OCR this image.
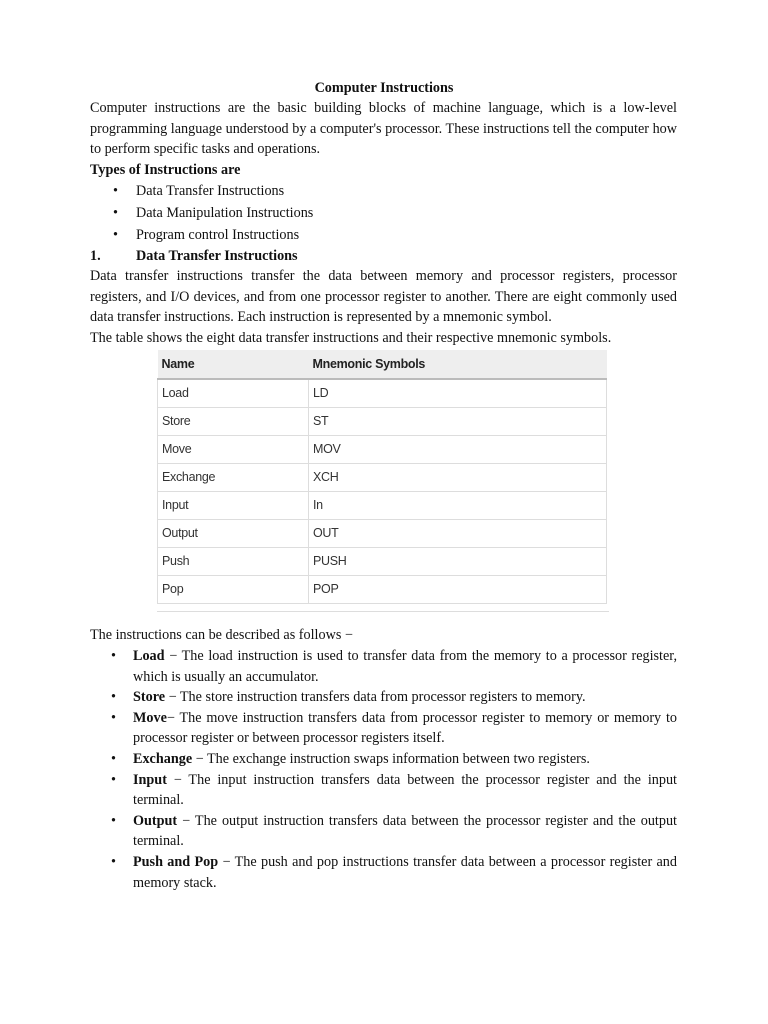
Computer Instructions
Computer instructions are the basic building blocks of machine language, which is a low-level programming language understood by a computer's processor. These instructions tell the computer how to perform specific tasks and operations.
Types of Instructions are
• Data Transfer Instructions
• Data Manipulation Instructions
• Program control Instructions
1. Data Transfer Instructions
Data transfer instructions transfer the data between memory and processor registers, processor registers, and I/O devices, and from one processor register to another. There are eight commonly used data transfer instructions. Each instruction is represented by a mnemonic symbol.
The table shows the eight data transfer instructions and their respective mnemonic symbols.
Name	Mnemonic Symbols
Load	LD
Store	ST
Move	MOV
Exchange	XCH
Input	In
Output	OUT
Push	PUSH
Pop	POP
The instructions can be described as follows −
• Load − The load instruction is used to transfer data from the memory to a processor register, which is usually an accumulator.
• Store − The store instruction transfers data from processor registers to memory.
• Move− The move instruction transfers data from processor register to memory or memory to processor register or between processor registers itself.
• Exchange − The exchange instruction swaps information between two registers.
• Input − The input instruction transfers data between the processor register and the input terminal.
• Output − The output instruction transfers data between the processor register and the output terminal.
• Push and Pop − The push and pop instructions transfer data between a processor register and memory stack.
